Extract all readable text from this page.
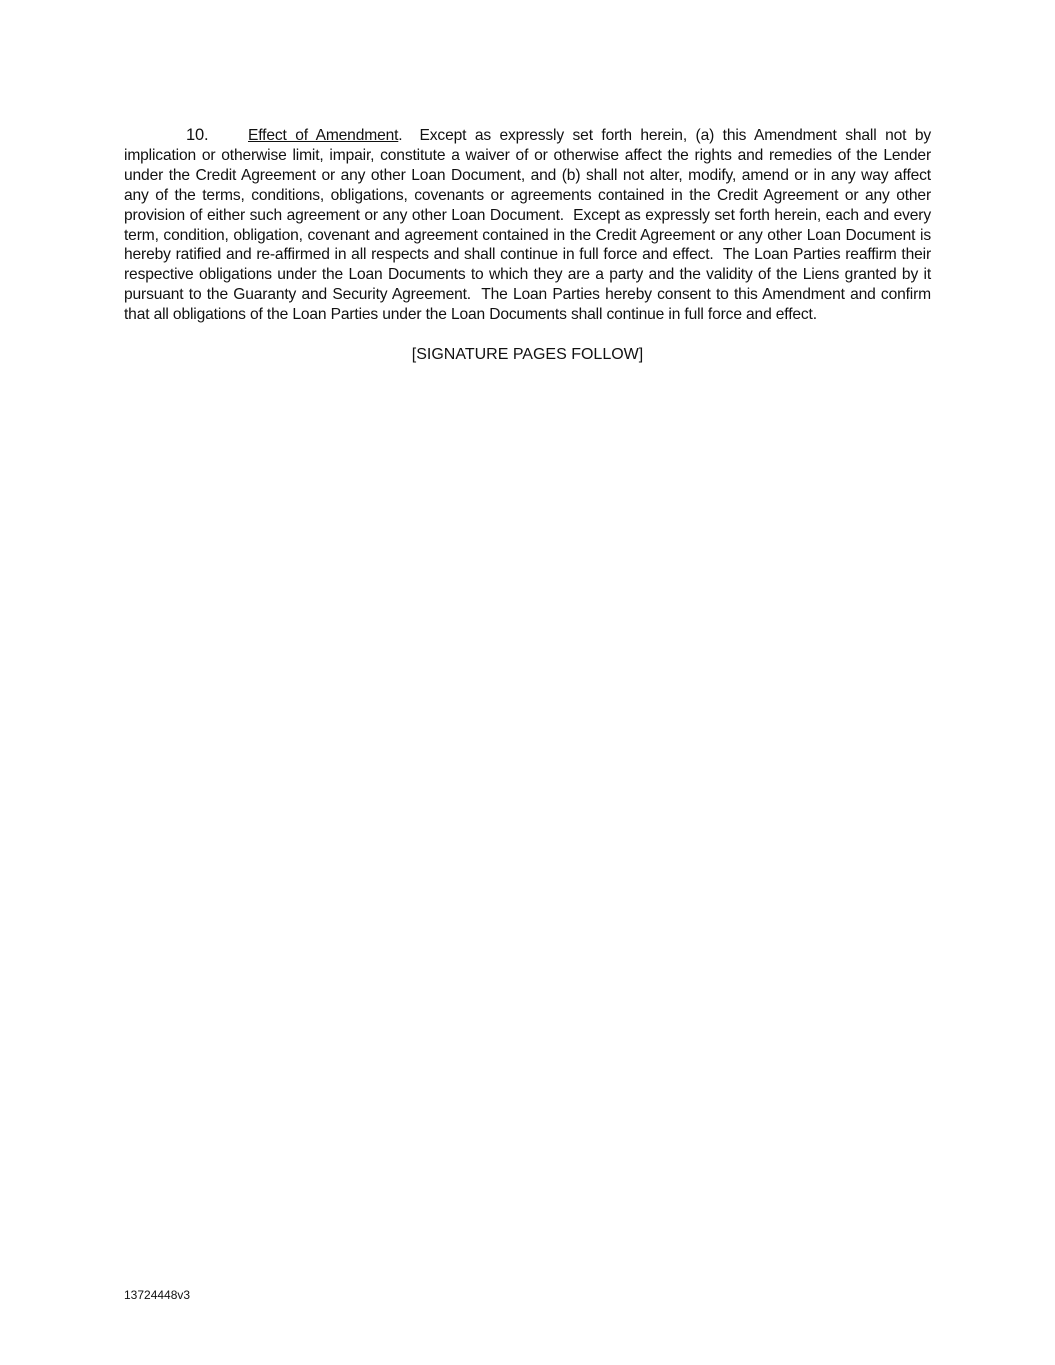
10.	Effect of Amendment.  Except as expressly set forth herein, (a) this Amendment shall not by implication or otherwise limit, impair, constitute a waiver of or otherwise affect the rights and remedies of the Lender under the Credit Agreement or any other Loan Document, and (b) shall not alter, modify, amend or in any way affect any of the terms, conditions, obligations, covenants or agreements contained in the Credit Agreement or any other provision of either such agreement or any other Loan Document.  Except as expressly set forth herein, each and every term, condition, obligation, covenant and agreement contained in the Credit Agreement or any other Loan Document is hereby ratified and re-affirmed in all respects and shall continue in full force and effect.  The Loan Parties reaffirm their respective obligations under the Loan Documents to which they are a party and the validity of the Liens granted by it pursuant to the Guaranty and Security Agreement.  The Loan Parties hereby consent to this Amendment and confirm that all obligations of the Loan Parties under the Loan Documents shall continue in full force and effect.

[SIGNATURE PAGES FOLLOW]
13724448v3
